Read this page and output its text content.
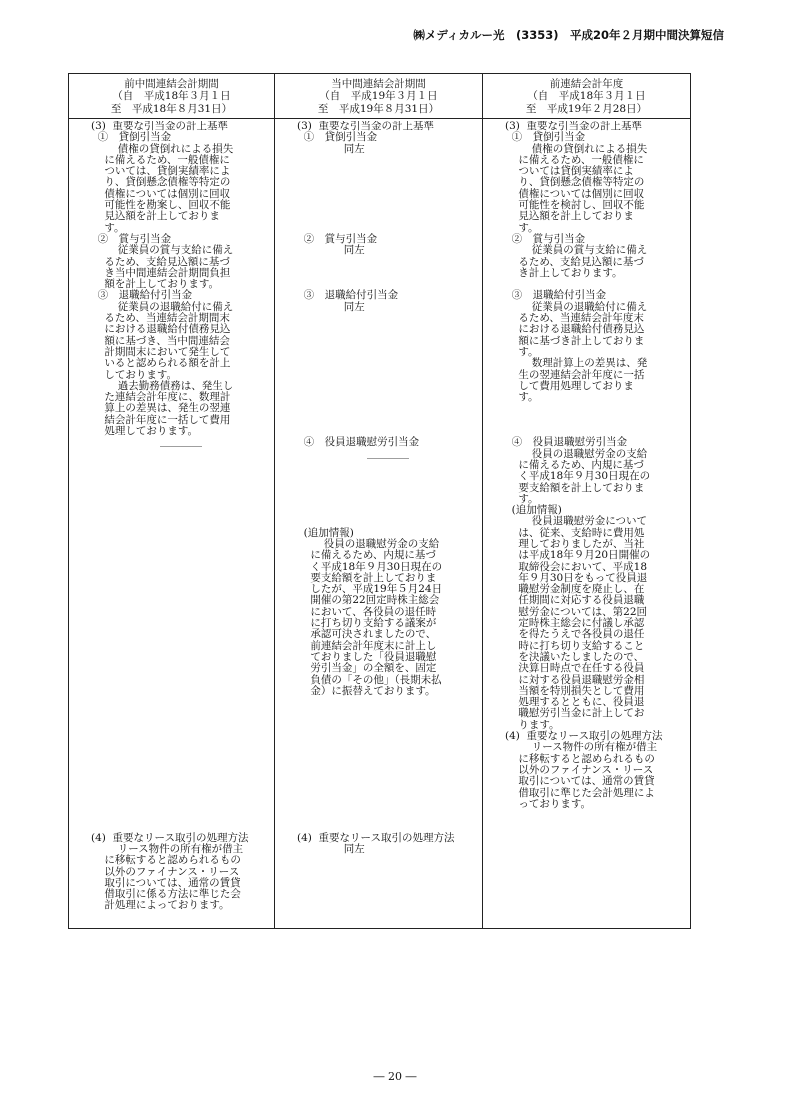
㈱メディカルー光　(3353)　平成20年２月期中間決算短信
前中間連結会計期間
（自　平成18年３月１日
至　平成18年８月31日）
当中間連結会計期間
（自　平成19年３月１日
至　平成19年８月31日）
前連結会計年度
（自　平成18年３月１日
至　平成19年２月28日）
(3)  重要な引当金の計上基準
①　貸倒引当金
債権の貸倒れによる損失
に備えるため、一般債権に
ついては、貸倒実績率によ
り、貸倒懸念債権等特定の
債権については個別に回収
可能性を勘案し、回収不能
見込額を計上しておりま
す。
②　賞与引当金
従業員の賞与支給に備え
るため、支給見込額に基づ
き当中間連結会計期間負担
額を計上しております。
③　退職給付引当金
従業員の退職給付に備え
るため、当連結会計期間末
における退職給付債務見込
額に基づき、当中間連結会
計期間末において発生して
いると認められる額を計上
しております。
過去勤務債務は、発生し
た連結会計年度に、数理計
算上の差異は、発生の翌連
結会計年度に一括して費用
処理しております。
＿＿＿＿

(4)  重要なリース取引の処理方法
リース物件の所有権が借主
に移転すると認められるもの
以外のファイナンス・リース
取引については、通常の賃貸
借取引に係る方法に準じた会
計処理によっております。
(3)  重要な引当金の計上基準
①　貸倒引当金
同左

②　賞与引当金
同左

③　退職給付引当金
同左

④　役員退職慰労引当金
＿＿＿＿

(追加情報)
役員の退職慰労金の支給
に備えるため、内規に基づ
く平成18年９月30日現在の
要支給額を計上しておりま
したが、平成19年５月24日
開催の第22回定時株主総会
において、各役員の退任時
に打ち切り支給する議案が
承認可決されましたので、
前連結会計年度末に計上し
ておりました「役員退職慰
労引当金」の全額を、固定
負債の「その他」（長期未払
金）に振替えております。

(4)  重要なリース取引の処理方法
同左
(3)  重要な引当金の計上基準
①　貸倒引当金
債権の貸倒れによる損失
に備えるため、一般債権に
ついては貸倒実績率によ
り、貸倒懸念債権等特定の
債権については個別に回収
可能性を検討し、回収不能
見込額を計上しておりま
す。
②　賞与引当金
従業員の賞与支給に備え
るため、支給見込額に基づ
き計上しております。

③　退職給付引当金
従業員の退職給付に備え
るため、当連結会計年度末
における退職給付債務見込
額に基づき計上しておりま
す。
数理計算上の差異は、発
生の翌連結会計年度に一括
して費用処理しておりま
す。

④　役員退職慰労引当金
役員の退職慰労金の支給
に備えるため、内規に基づ
く平成18年９月30日現在の
要支給額を計上しておりま
す。
(追加情報)
役員退職慰労金について
は、従来、支給時に費用処
理しておりましたが、当社
は平成18年９月20日開催の
取締役会において、平成18
年９月30日をもって役員退
職慰労金制度を廃止し、在
任期間に対応する役員退職
慰労金については、第22回
定時株主総会に付議し承認
を得たうえで各役員の退任
時に打ち切り支給すること
を決議いたしましたので、
決算日時点で在任する役員
に対する役員退職慰労金相
当額を特別損失として費用
処理するとともに、役員退
職慰労引当金に計上してお
ります。
(4)  重要なリース取引の処理方法
リース物件の所有権が借主
に移転すると認められるもの
以外のファイナンス・リース
取引については、通常の賃貸
借取引に準じた会計処理によ
っております。
― 20 ―
